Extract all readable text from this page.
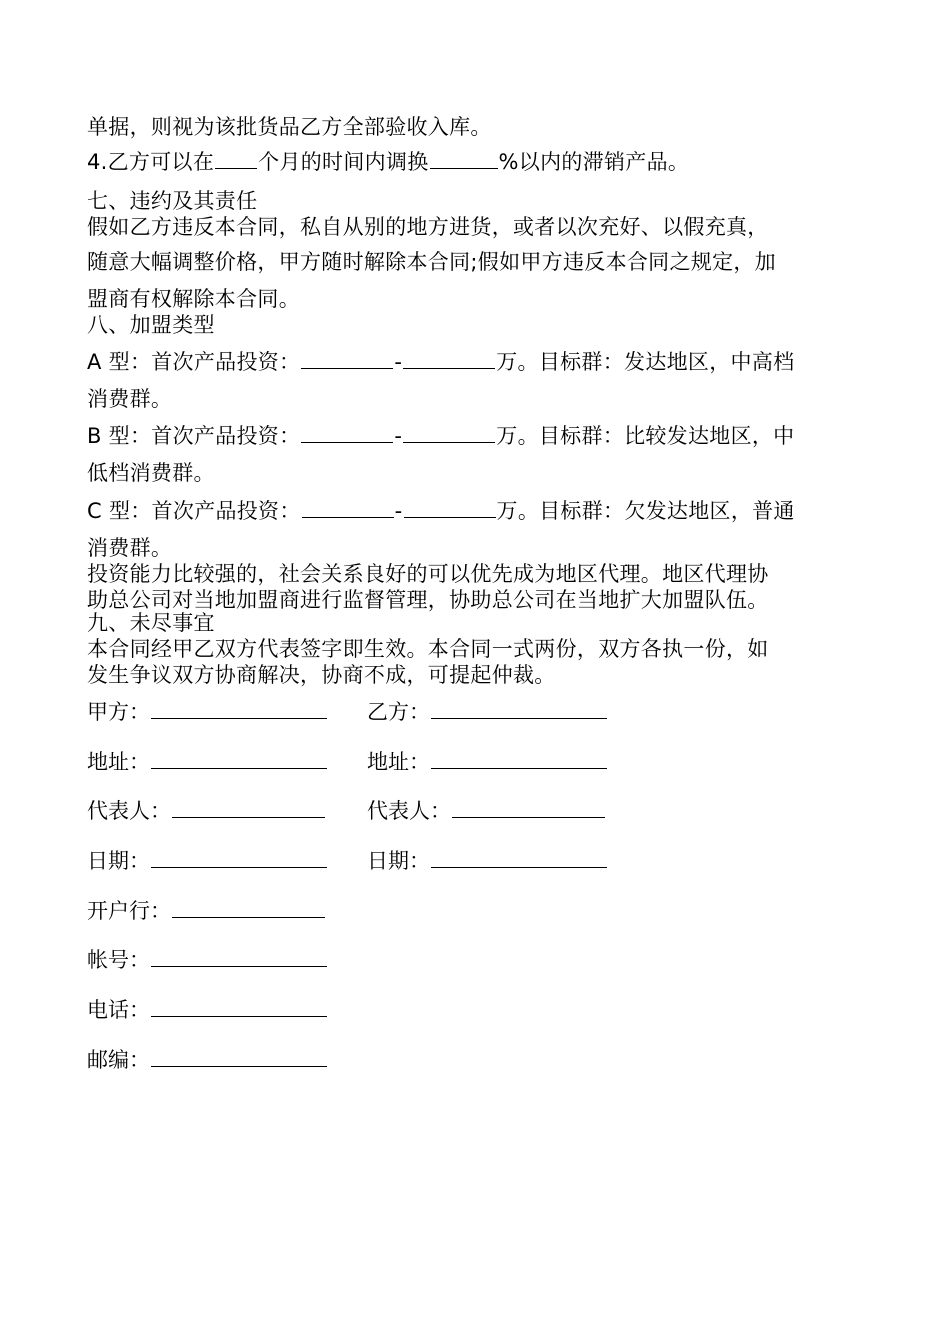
单据，则视为该批货品乙方全部验收入库。
4.乙方可以在 个月的时间内调换	%以内的滞销产品。
七、违约及其责任
假如乙方违反本合同，私自从别的地方进货，或者以次充好、以假充真，
随意大幅调整价格，甲方随时解除本合同;假如甲方违反本合同之规定，加
盟商有权解除本合同。
八、加盟类型
A 型：首次产品投资：	-	万。目标群：发达地区，中高档
消费群。
B 型：首次产品投资：	-	万。目标群：比较发达地区，中
低档消费群。
C 型：首次产品投资：	-	万。目标群：欠发达地区，普通
消费群。
投资能力比较强的，社会关系良好的可以优先成为地区代理。地区代理协
助总公司对当地加盟商进行监督管理，协助总公司在当地扩大加盟队伍。
九、未尽事宜
本合同经甲乙双方代表签字即生效。本合同一式两份，双方各执一份，如
发生争议双方协商解决，协商不成，可提起仲裁。
甲方：	乙方：
地址：	地址：
代表人：	代表人：
日期：	日期：
开户行：
帐号：
电话：
邮编：
